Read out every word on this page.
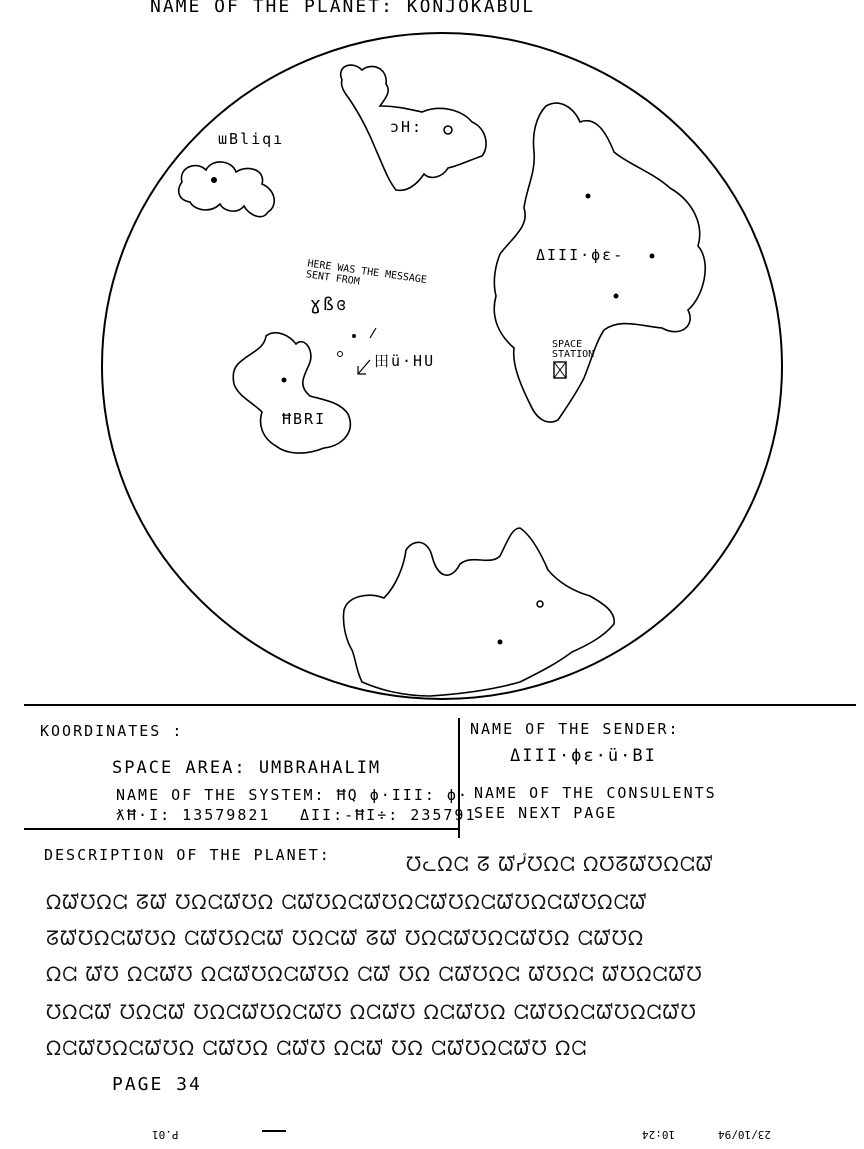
NAME OF THE PLANET: KONJOKABUL
ɯBliqı
ɔH:
ΔIII·ϕɛ-
HERE WAS THE MESSAGE SENT FROM
ɣßɞ
ĦBRI
田ü·HU
SPACE STATION
KOORDINATES :
SPACE AREA: UMBRAHALIM
NAME OF THE SYSTEM: ĦQ ϕ·III: ϕ·
ƛĦ·I: 13579821 ΔII:-ĦI÷: 235791
NAME OF THE SENDER:
ΔIII·ϕɛ·ü·BI
NAME OF THE CONSULENTS
SEE NEXT PAGE
DESCRIPTION OF THE PLANET:	ᘮᓚᘯᘳ ᘔ ᘺᓮᘮᘯᘳ ᘯᘮᘔᘺᘮᘯᘳᘺ
ᘯᘺᘮᘯᘳ ᘔᘺ ᘮᘯᘳᘺᘮᘯ ᘳᘺᘮᘯᘳᘺᘮᘯᘳᘺᘮᘯᘳᘺᘮᘯᘳᘺᘮᘯᘳᘺ
ᘔᘺᘮᘯᘳᘺᘮᘯ ᘳᘺᘮᘯᘳᘺ ᘮᘯᘳᘺ ᘔᘺ ᘮᘯᘳᘺᘮᘯᘳᘺᘮᘯ ᘳᘺᘮᘯ
ᘯᘳ ᘺᘮ ᘯᘳᘺᘮ ᘯᘳᘺᘮᘯᘳᘺᘮᘯ ᘳᘺ ᘮᘯ ᘳᘺᘮᘯᘳ ᘺᘮᘯᘳ ᘺᘮᘯᘳᘺᘮ
ᘮᘯᘳᘺ ᘮᘯᘳᘺ ᘮᘯᘳᘺᘮᘯᘳᘺᘮ ᘯᘳᘺᘮ ᘯᘳᘺᘮᘯ ᘳᘺᘮᘯᘳᘺᘮᘯᘳᘺᘮ
ᘯᘳᘺᘮᘯᘳᘺᘮᘯ ᘳᘺᘮᘯ ᘳᘺᘮ ᘯᘳᘺ ᘮᘯ ᘳᘺᘮᘯᘳᘺᘮ ᘯᘳ
PAGE 34
P.01	10:24	23/10/94
